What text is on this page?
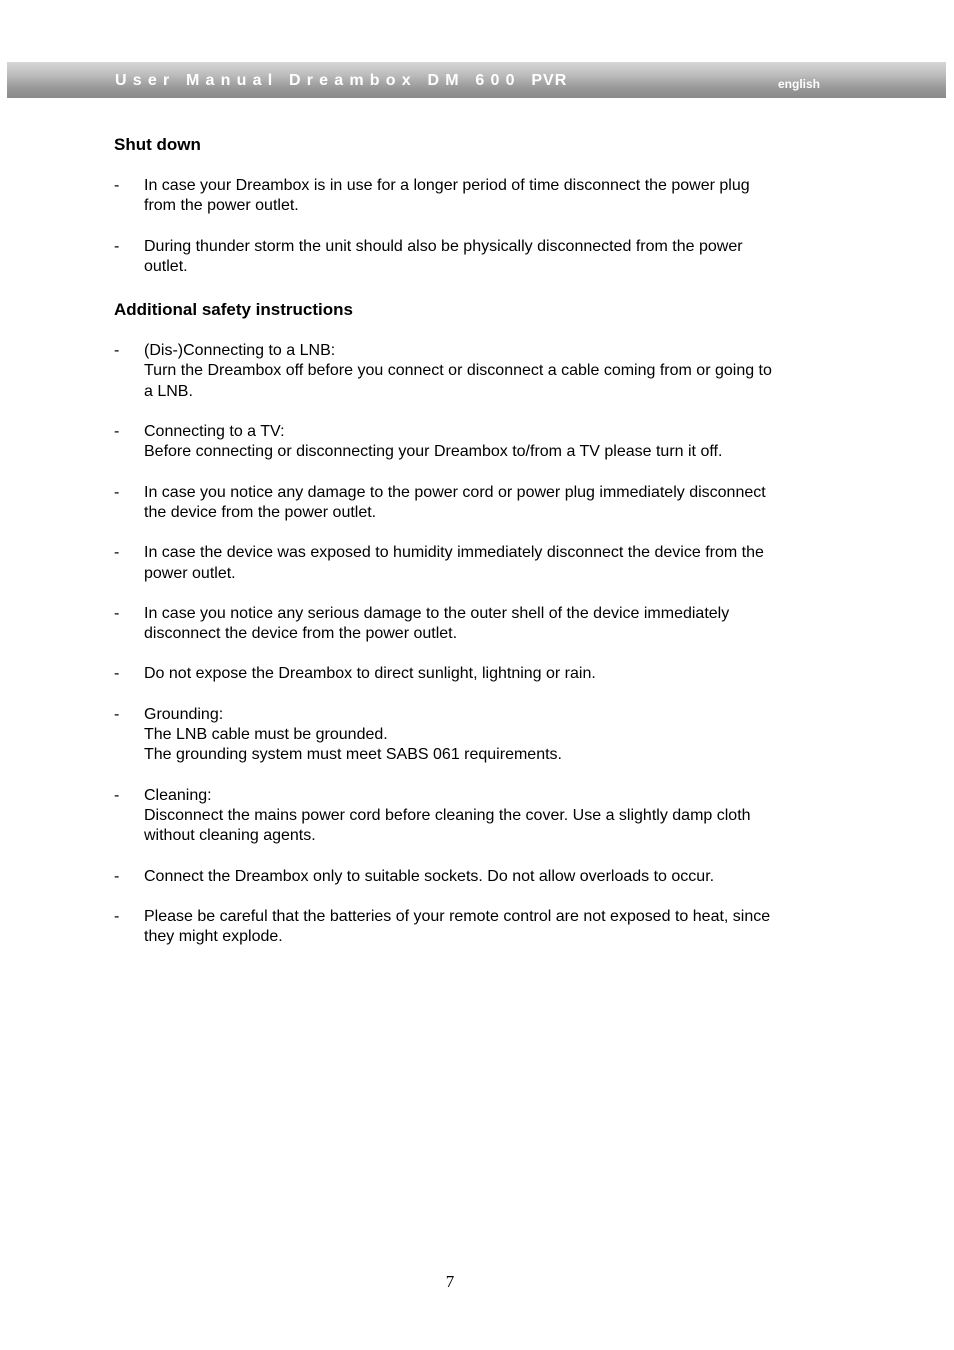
User Manual Dreambox DM 600 PVR	english
Shut down
- In case your Dreambox is in use for a longer period of time disconnect the power plug
from the power outlet.
- During thunder storm the unit should also be physically disconnected from the power
outlet.
Additional safety instructions
- (Dis-)Connecting to a LNB:
Turn the Dreambox off before you connect or disconnect a cable coming from or going to
a LNB.
- Connecting to a TV:
Before connecting or disconnecting your Dreambox to/from a TV please turn it off.
- In case you notice any damage to the power cord or power plug immediately disconnect
the device from the power outlet.
- In case the device was exposed to humidity immediately disconnect the device from the
power outlet.
- In case you notice any serious damage to the outer shell of the device immediately
disconnect the device from the power outlet.
- Do not expose the Dreambox to direct sunlight, lightning or rain.
- Grounding:
The LNB cable must be grounded.
The grounding system must meet SABS 061 requirements.
- Cleaning:
Disconnect the mains power cord before cleaning the cover. Use a slightly damp cloth
without cleaning agents.
- Connect the Dreambox only to suitable sockets. Do not allow overloads to occur.
- Please be careful that the batteries of your remote control are not exposed to heat, since
they might explode.
7
